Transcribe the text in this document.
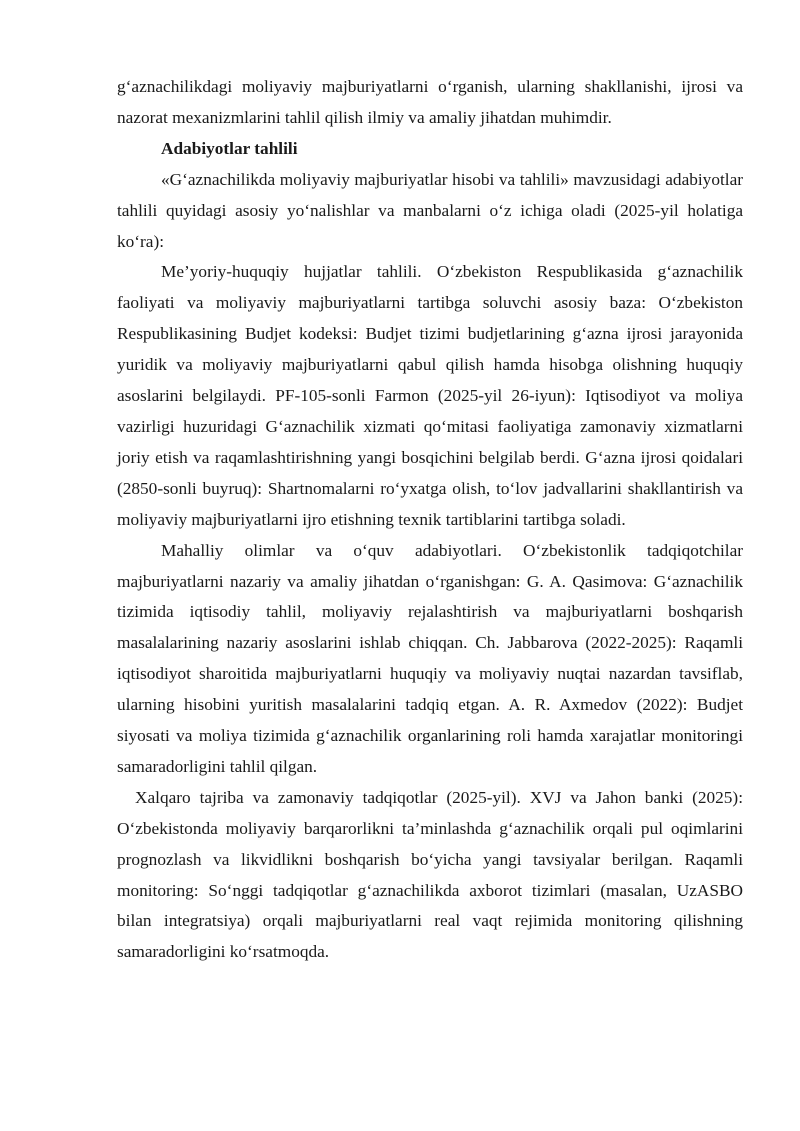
g‘aznachilikdagi moliyaviy majburiyatlarni o‘rganish, ularning shakllanishi, ijrosi va nazorat mexanizmlarini tahlil qilish ilmiy va amaliy jihatdan muhimdir.

Adabiyotlar tahlili

«G‘aznachilikda moliyaviy majburiyatlar hisobi va tahlili» mavzusidagi adabiyotlar tahlili quyidagi asosiy yo‘nalishlar va manbalarni o‘z ichiga oladi (2025-yil holatiga ko‘ra):

Me’yoriy-huquqiy hujjatlar tahlili. O‘zbekiston Respublikasida g‘aznachilik faoliyati va moliyaviy majburiyatlarni tartibga soluvchi asosiy baza: O‘zbekiston Respublikasining Budjet kodeksi: Budjet tizimi budjetlarining g‘azna ijrosi jarayonida yuridik va moliyaviy majburiyatlarni qabul qilish hamda hisobga olishning huquqiy asoslarini belgilaydi. PF-105-sonli Farmon (2025-yil 26-iyun): Iqtisodiyot va moliya vazirligi huzuridagi G‘aznachilik xizmati qo‘mitasi faoliyatiga zamonaviy xizmatlarni joriy etish va raqamlashtirishning yangi bosqichini belgilab berdi. G‘azna ijrosi qoidalari (2850-sonli buyruq): Shartnomalarni ro‘yxatga olish, to‘lov jadvallarini shakllantirish va moliyaviy majburiyatlarni ijro etishning texnik tartiblarini tartibga soladi.

Mahalliy olimlar va o‘quv adabiyotlari. O‘zbekistonlik tadqiqotchilar majburiyatlarni nazariy va amaliy jihatdan o‘rganishgan: G. A. Qasimova: G‘aznachilik tizimida iqtisodiy tahlil, moliyaviy rejalashtirish va majburiyatlarni boshqarish masalalarining nazariy asoslarini ishlab chiqqan. Ch. Jabbarova (2022-2025): Raqamli iqtisodiyot sharoitida majburiyatlarni huquqiy va moliyaviy nuqtai nazardan tavsiflab, ularning hisobini yuritish masalalarini tadqiq etgan. A. R. Axmedov (2022): Budjet siyosati va moliya tizimida g‘aznachilik organlarining roli hamda xarajatlar monitoringi samaradorligini tahlil qilgan.

Xalqaro tajriba va zamonaviy tadqiqotlar (2025-yil). XVJ va Jahon banki (2025): O‘zbekistonda moliyaviy barqarorlikni ta’minlashda g‘aznachilik orqali pul oqimlarini prognozlash va likvidlikni boshqarish bo‘yicha yangi tavsiyalar berilgan. Raqamli monitoring: So‘nggi tadqiqotlar g‘aznachilikda axborot tizimlari (masalan, UzASBO bilan integratsiya) orqali majburiyatlarni real vaqt rejimida monitoring qilishning samaradorligini ko‘rsatmoqda.
